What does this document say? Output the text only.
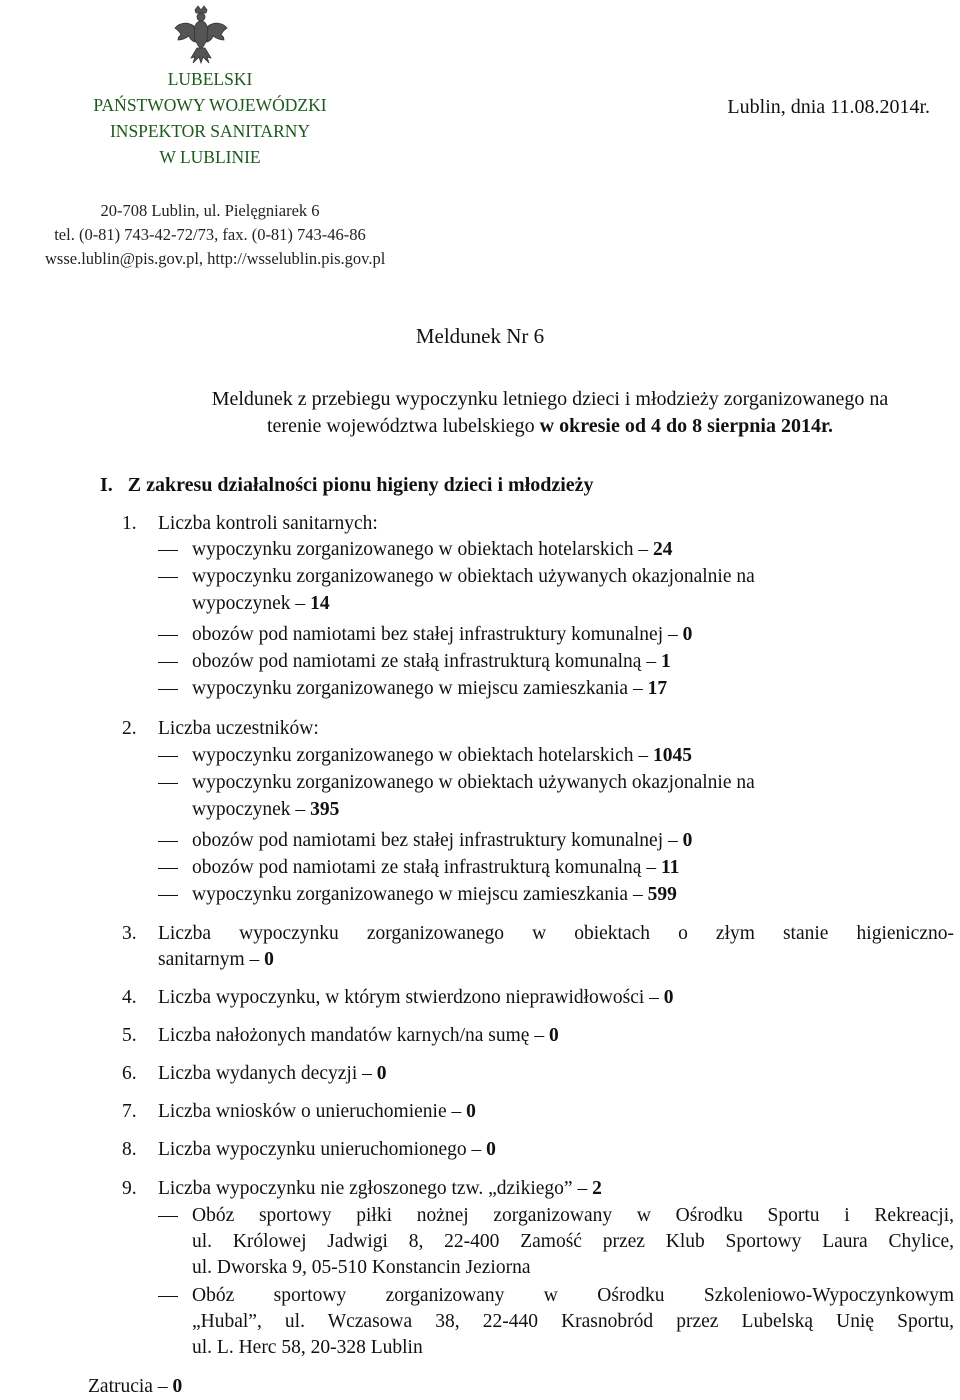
LUBELSKI
PAŃSTWOWY WOJEWÓDZKI
INSPEKTOR SANITARNY
W LUBLINIE
20-708 Lublin, ul. Pielęgniarek 6
tel. (0-81) 743-42-72/73, fax. (0-81) 743-46-86
wsse.lublin@pis.gov.pl, http://wsselublin.pis.gov.pl
Lublin, dnia 11.08.2014r.
Meldunek Nr 6
Meldunek z przebiegu wypoczynku letniego dzieci i młodzieży zorganizowanego na
terenie województwa lubelskiego w okresie od 4 do 8 sierpnia 2014r.
I. Z zakresu działalności pionu higieny dzieci i młodzieży
1. Liczba kontroli sanitarnych:
wypoczynku zorganizowanego w obiektach hotelarskich – 24
wypoczynku zorganizowanego w obiektach używanych okazjonalnie na
wypoczynek – 14
obozów pod namiotami bez stałej infrastruktury komunalnej – 0
obozów pod namiotami ze stałą infrastrukturą komunalną – 1
wypoczynku zorganizowanego w miejscu zamieszkania – 17
2. Liczba uczestników:
wypoczynku zorganizowanego w obiektach hotelarskich – 1045
wypoczynku zorganizowanego w obiektach używanych okazjonalnie na
wypoczynek – 395
obozów pod namiotami bez stałej infrastruktury komunalnej – 0
obozów pod namiotami ze stałą infrastrukturą komunalną – 11
wypoczynku zorganizowanego w miejscu zamieszkania – 599
3. Liczba wypoczynku zorganizowanego w obiektach o złym stanie higieniczno-
sanitarnym – 0
4. Liczba wypoczynku, w którym stwierdzono nieprawidłowości – 0
5. Liczba nałożonych mandatów karnych/na sumę – 0
6. Liczba wydanych decyzji – 0
7. Liczba wniosków o unieruchomienie – 0
8. Liczba wypoczynku unieruchomionego – 0
9. Liczba wypoczynku nie zgłoszonego tzw. „dzikiego” – 2
Obóz sportowy piłki nożnej zorganizowany w Ośrodku Sportu i Rekreacji,
ul. Królowej Jadwigi 8, 22-400 Zamość przez Klub Sportowy Laura Chylice,
ul. Dworska 9, 05-510 Konstancin Jeziorna
Obóz sportowy zorganizowany w Ośrodku Szkoleniowo-Wypoczynkowym
„Hubal”, ul. Wczasowa 38, 22-440 Krasnobród przez Lubelską Unię Sportu,
ul. L. Herc 58, 20-328 Lublin
Zatrucia – 0
